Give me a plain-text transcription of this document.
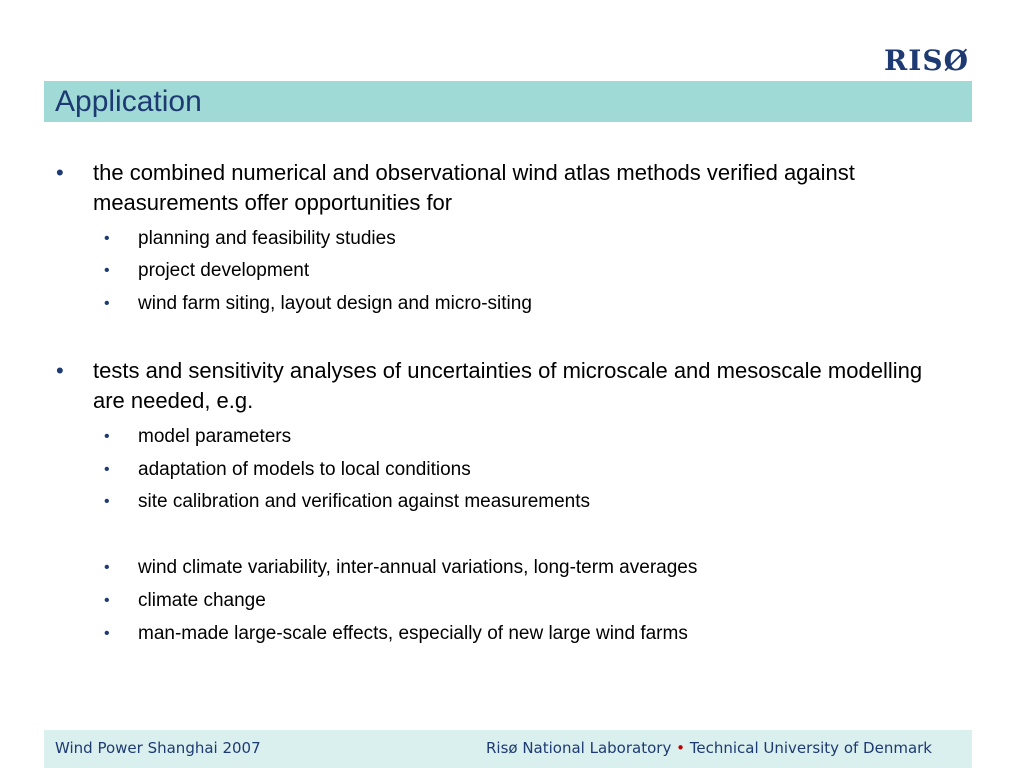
RISØ
Application
• the combined numerical and observational wind atlas methods verified against measurements offer opportunities for
• planning and feasibility studies
• project development
• wind farm siting, layout design and micro-siting
• tests and sensitivity analyses of uncertainties of microscale and mesoscale modelling are needed, e.g.
• model parameters
• adaptation of models to local conditions
• site calibration and verification against measurements
• wind climate variability, inter-annual variations, long-term averages
• climate change
• man-made large-scale effects, especially of new large wind farms
Wind Power Shanghai 2007	Risø National Laboratory • Technical University of Denmark
